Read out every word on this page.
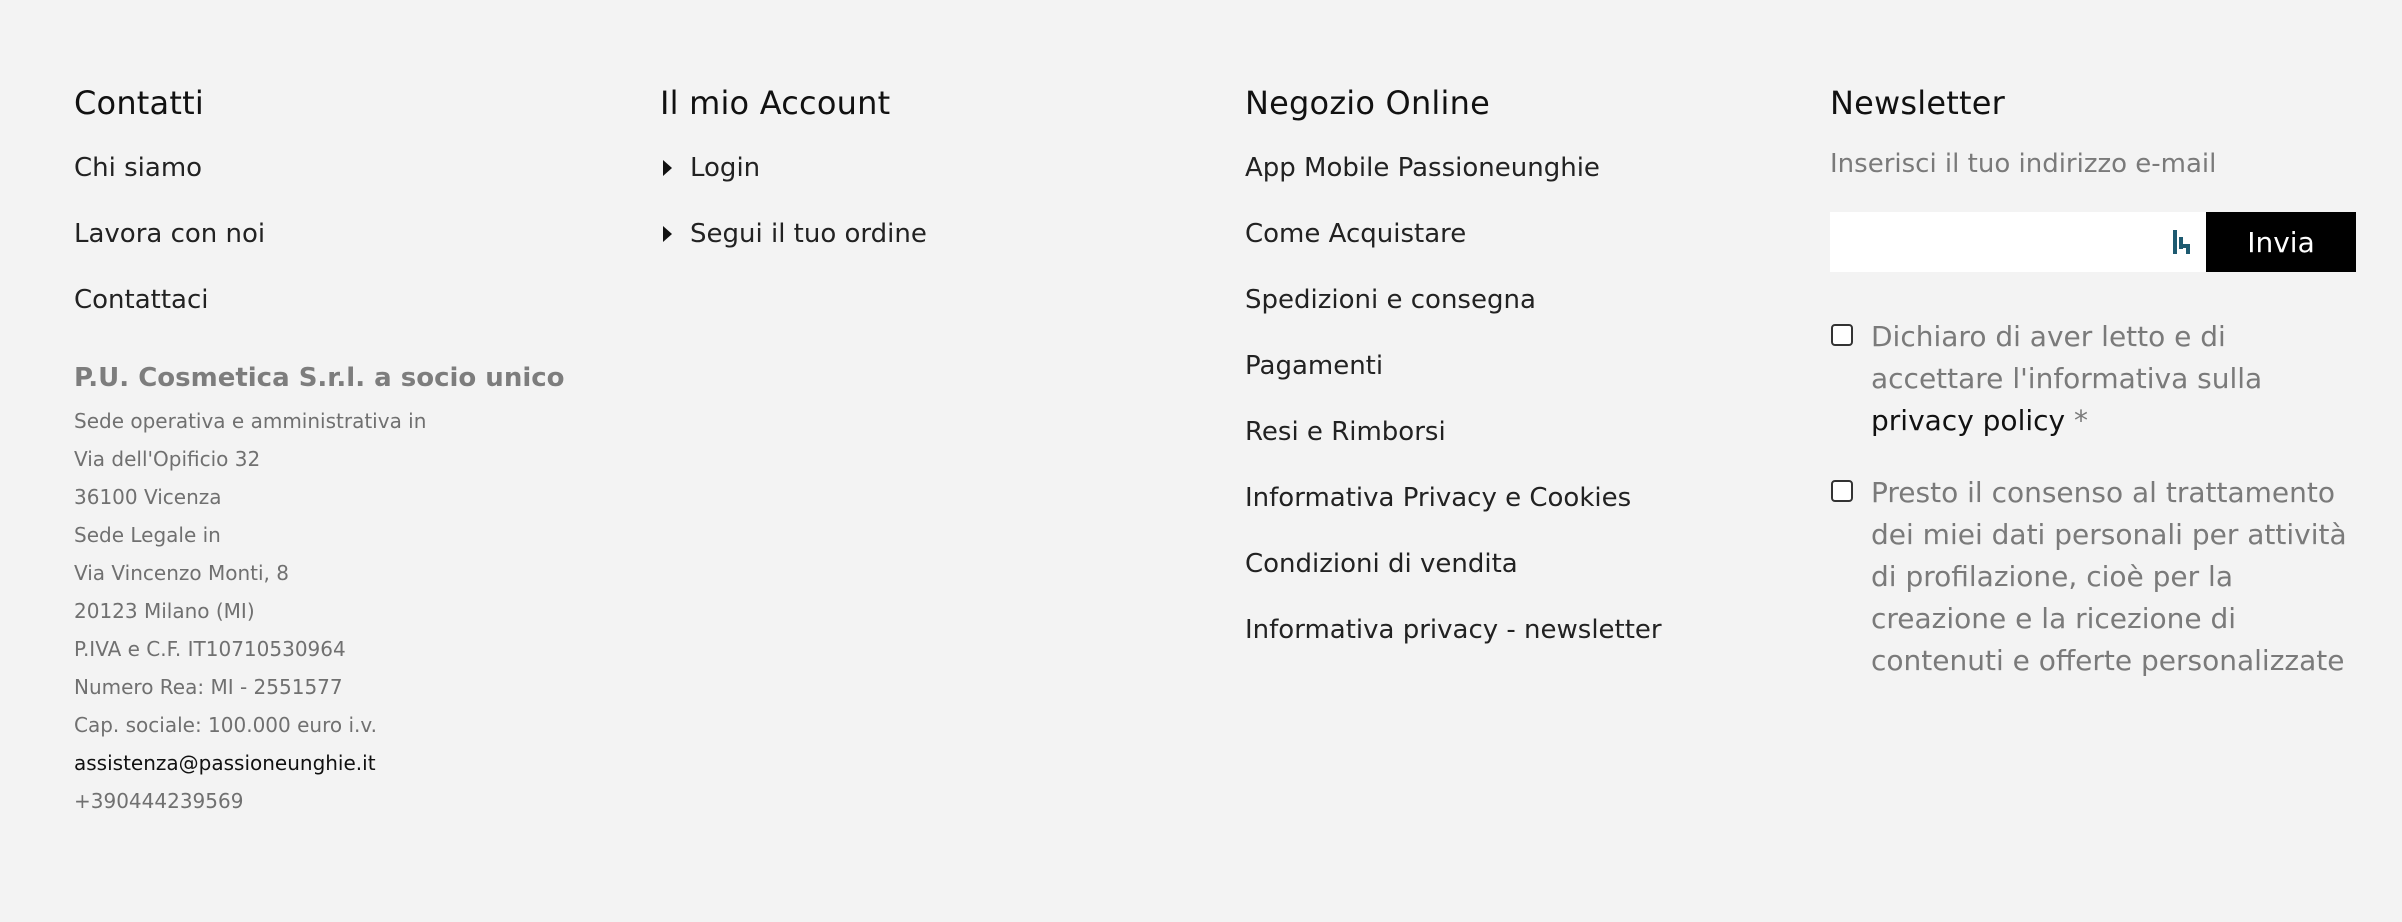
Contatti
Chi siamo
Lavora con noi
Contattaci
P.U. Cosmetica S.r.l. a socio unico
Sede operativa e amministrativa in
Via dell'Opificio 32
36100 Vicenza
Sede Legale in
Via Vincenzo Monti, 8
20123 Milano (MI)
P.IVA e C.F. IT10710530964
Numero Rea: MI - 2551577
Cap. sociale: 100.000 euro i.v.
assistenza@passioneunghie.it
+390444239569
Il mio Account
Login
Segui il tuo ordine
Negozio Online
App Mobile Passioneunghie
Come Acquistare
Spedizioni e consegna
Pagamenti
Resi e Rimborsi
Informativa Privacy e Cookies
Condizioni di vendita
Informativa privacy - newsletter
Newsletter
Inserisci il tuo indirizzo e-mail
Invia
Dichiaro di aver letto e di accettare l'informativa sulla privacy policy *
Presto il consenso al trattamento dei miei dati personali per attività di profilazione, cioè per la creazione e la ricezione di contenuti e offerte personalizzate
